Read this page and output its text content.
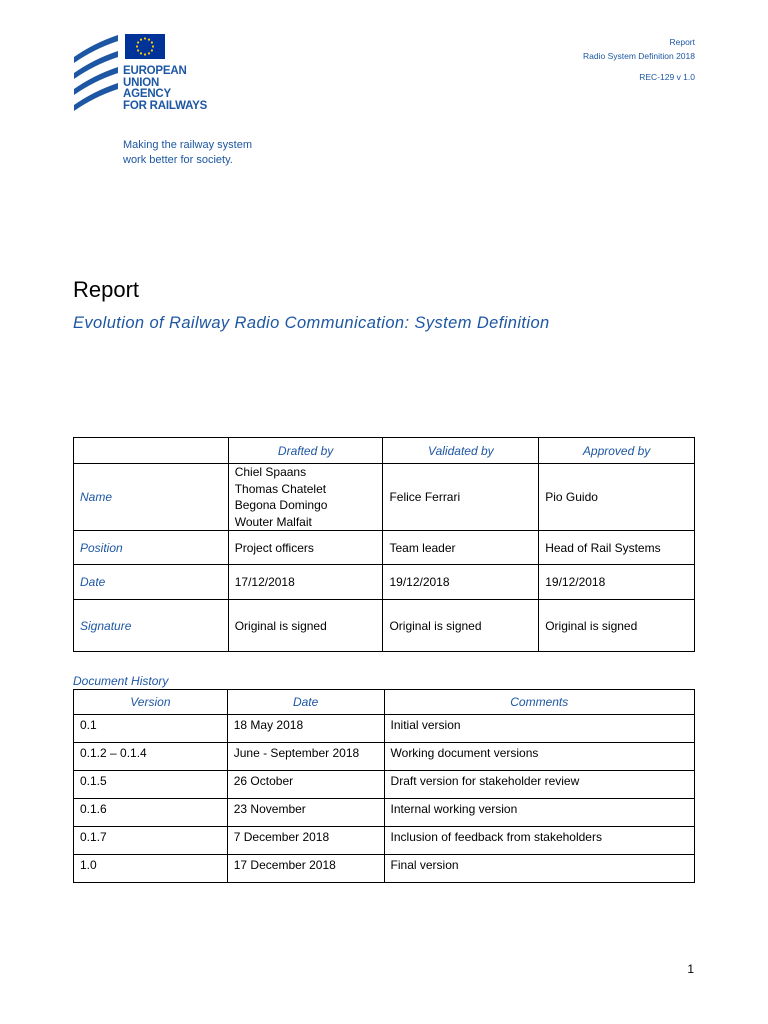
EUROPEAN
UNION
AGENCY
FOR RAILWAYS
Making the railway system
work better for society.
Report
Radio System Definition 2018
REC-129 v 1.0
Report
Evolution of Railway Radio Communication: System Definition
	Drafted by	Validated by	Approved by
Name	Chiel Spaans
Thomas Chatelet
Begona Domingo
Wouter Malfait	Felice Ferrari	Pio Guido
Position	Project officers	Team leader	Head of Rail Systems
Date	17/12/2018	19/12/2018	19/12/2018
Signature	Original is signed	Original is signed	Original is signed
Document History
Version	Date	Comments
0.1	18 May 2018	Initial version
0.1.2 – 0.1.4	June - September 2018	Working document versions
0.1.5	26 October	Draft version for stakeholder review
0.1.6	23 November	Internal working version
0.1.7	7 December 2018	Inclusion of feedback from stakeholders
1.0	17 December 2018	Final version
1
